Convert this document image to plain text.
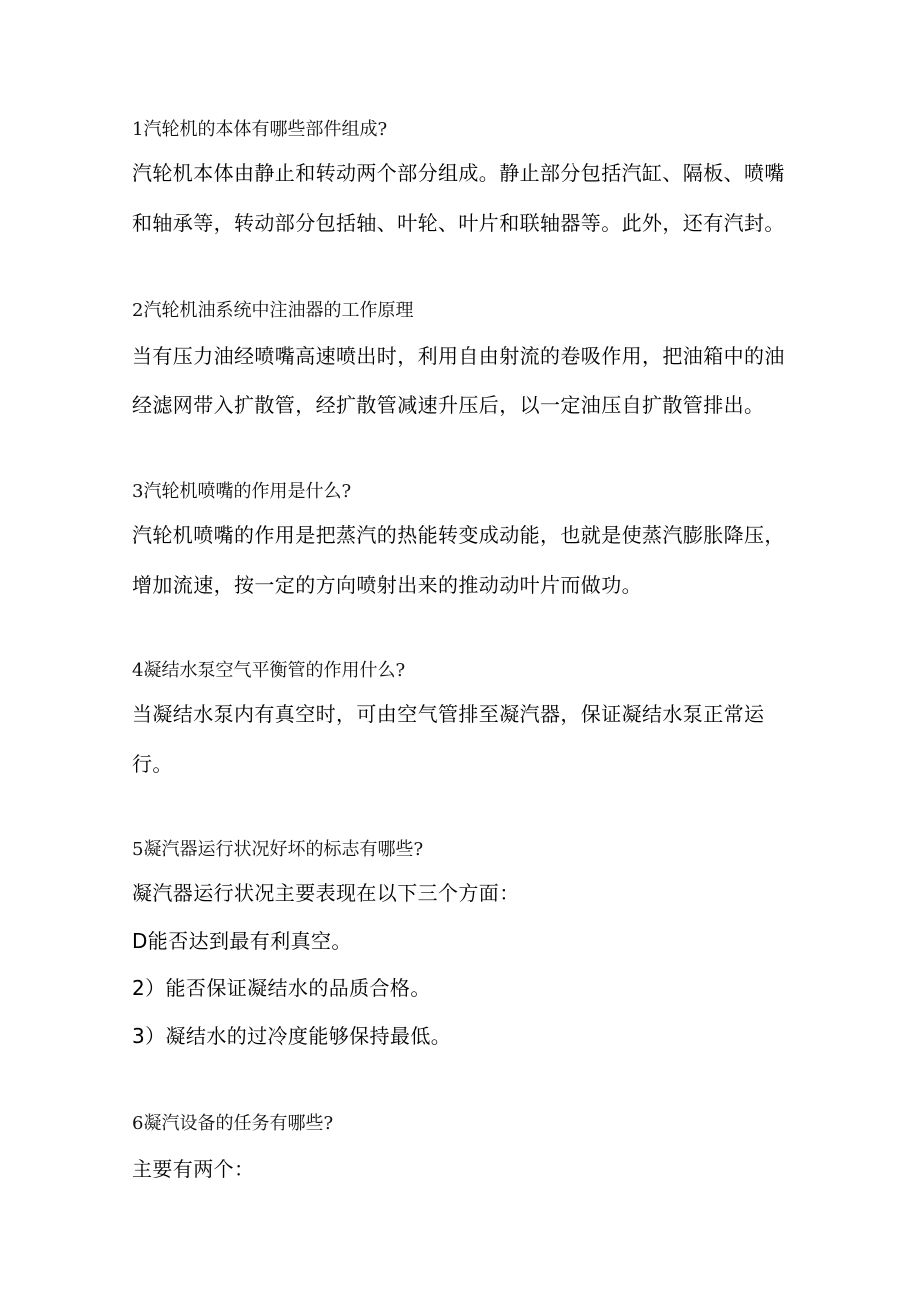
1汽轮机的本体有哪些部件组成?
汽轮机本体由静止和转动两个部分组成。静止部分包括汽缸、隔板、喷嘴
和轴承等，转动部分包括轴、叶轮、叶片和联轴器等。此外，还有汽封。
2汽轮机油系统中注油器的工作原理
当有压力油经喷嘴高速喷出时，利用自由射流的卷吸作用，把油箱中的油
经滤网带入扩散管，经扩散管减速升压后，以一定油压自扩散管排出。
3汽轮机喷嘴的作用是什么?
汽轮机喷嘴的作用是把蒸汽的热能转变成动能，也就是使蒸汽膨胀降压，
增加流速，按一定的方向喷射出来的推动动叶片而做功。
4凝结水泵空气平衡管的作用什么?
当凝结水泵内有真空时，可由空气管排至凝汽器，保证凝结水泵正常运
行。
5凝汽器运行状况好坏的标志有哪些?
凝汽器运行状况主要表现在以下三个方面：
D能否达到最有利真空。
2）能否保证凝结水的品质合格。
3）凝结水的过冷度能够保持最低。
6凝汽设备的任务有哪些?
主要有两个：
